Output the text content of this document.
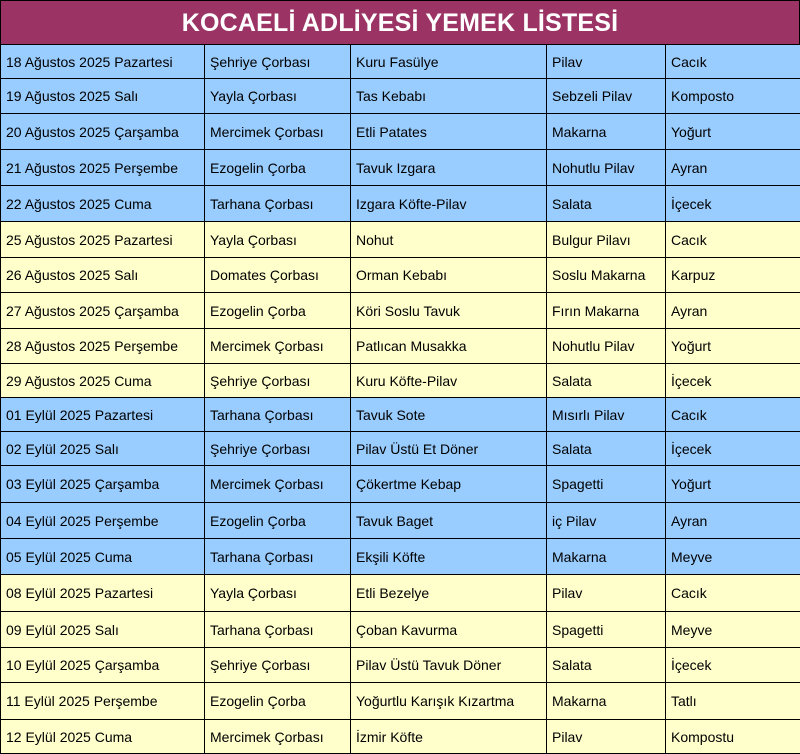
KOCAELİ ADLİYESİ YEMEK LİSTESİ
18 Ağustos 2025 Pazartesi	Şehriye Çorbası	Kuru Fasülye	Pilav	Cacık
19 Ağustos 2025 Salı	Yayla Çorbası	Tas Kebabı	Sebzeli Pilav	Komposto
20 Ağustos 2025 Çarşamba	Mercimek Çorbası	Etli Patates	Makarna	Yoğurt
21 Ağustos 2025 Perşembe	Ezogelin Çorba	Tavuk Izgara	Nohutlu Pilav	Ayran
22 Ağustos 2025 Cuma	Tarhana Çorbası	Izgara Köfte-Pilav	Salata	İçecek
25 Ağustos 2025 Pazartesi	Yayla Çorbası	Nohut	Bulgur Pilavı	Cacık
26 Ağustos 2025 Salı	Domates Çorbası	Orman Kebabı	Soslu Makarna	Karpuz
27 Ağustos 2025 Çarşamba	Ezogelin Çorba	Köri Soslu Tavuk	Fırın Makarna	Ayran
28 Ağustos 2025 Perşembe	Mercimek Çorbası	Patlıcan Musakka	Nohutlu Pilav	Yoğurt
29 Ağustos 2025 Cuma	Şehriye Çorbası	Kuru Köfte-Pilav	Salata	İçecek
01 Eylül 2025 Pazartesi	Tarhana Çorbası	Tavuk Sote	Mısırlı Pilav	Cacık
02 Eylül 2025 Salı	Şehriye Çorbası	Pilav Üstü Et Döner	Salata	İçecek
03 Eylül 2025 Çarşamba	Mercimek Çorbası	Çökertme Kebap	Spagetti	Yoğurt
04 Eylül 2025 Perşembe	Ezogelin Çorba	Tavuk Baget	iç Pilav	Ayran
05 Eylül 2025 Cuma	Tarhana Çorbası	Ekşili Köfte	Makarna	Meyve
08 Eylül 2025 Pazartesi	Yayla Çorbası	Etli Bezelye	Pilav	Cacık
09 Eylül 2025 Salı	Tarhana Çorbası	Çoban Kavurma	Spagetti	Meyve
10 Eylül 2025 Çarşamba	Şehriye Çorbası	Pilav Üstü Tavuk Döner	Salata	İçecek
11 Eylül 2025 Perşembe	Ezogelin Çorba	Yoğurtlu Karışık Kızartma	Makarna	Tatlı
12 Eylül 2025 Cuma	Mercimek Çorbası	İzmir Köfte	Pilav	Kompostu
